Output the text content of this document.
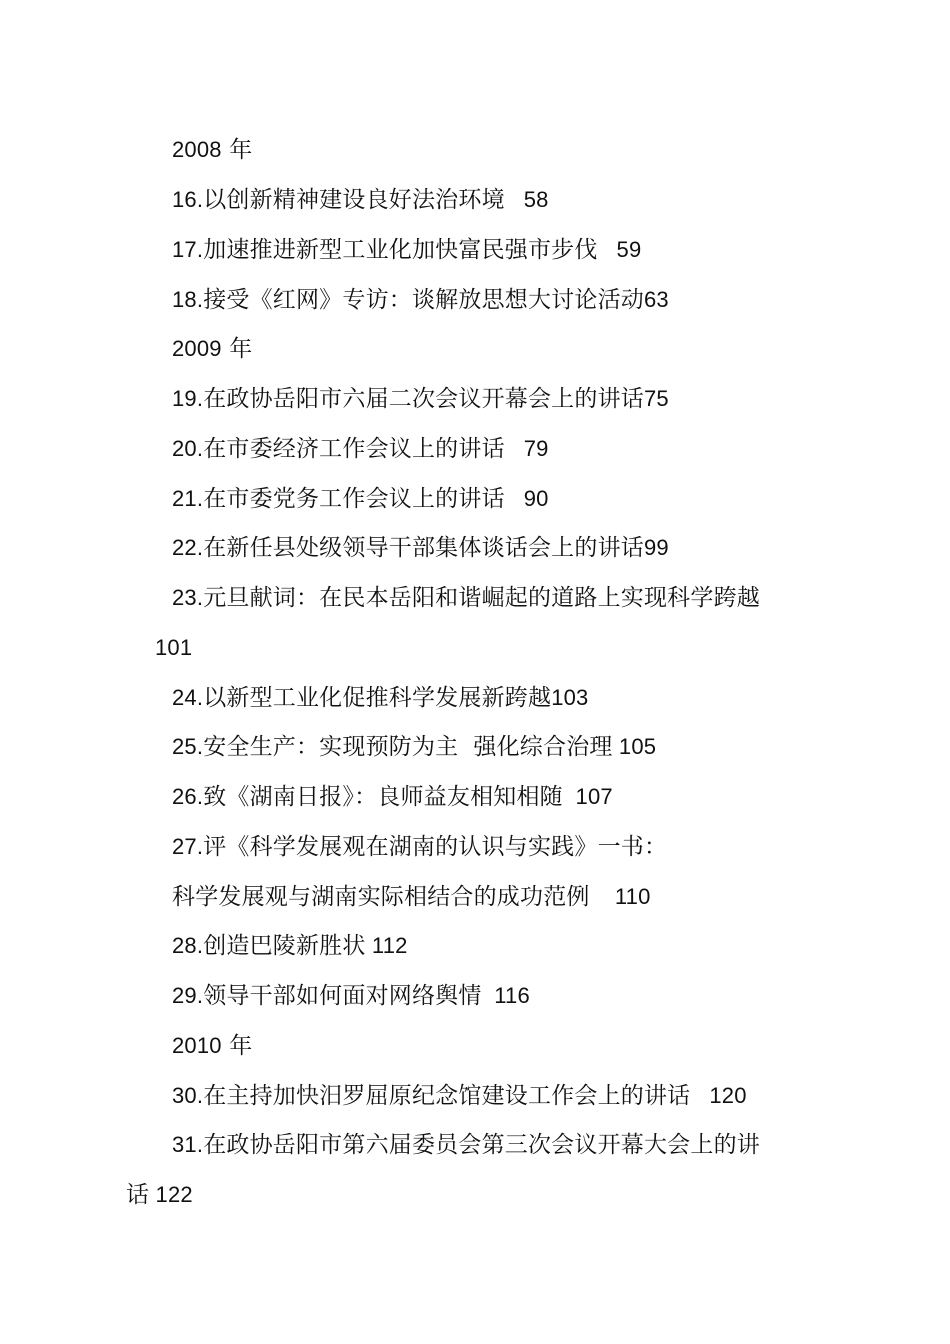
2008 年
16.以创新精神建设良好法治环境   58
17.加速推进新型工业化加快富民强市步伐   59
18.接受《红网》专访：谈解放思想大讨论活动63
2009 年
19.在政协岳阳市六届二次会议开幕会上的讲话75
20.在市委经济工作会议上的讲话   79
21.在市委党务工作会议上的讲话   90
22.在新任县处级领导干部集体谈话会上的讲话99
23.元旦献词：在民本岳阳和谐崛起的道路上实现科学跨越
101
24.以新型工业化促推科学发展新跨越103
25.安全生产：实现预防为主  强化综合治理 105
26.致《湖南日报》：良师益友相知相随  107
27.评《科学发展观在湖南的认识与实践》一书：
科学发展观与湖南实际相结合的成功范例    110
28.创造巴陵新胜状 112
29.领导干部如何面对网络舆情  116
2010 年
30.在主持加快汨罗屈原纪念馆建设工作会上的讲话   120
31.在政协岳阳市第六届委员会第三次会议开幕大会上的讲
话 122
